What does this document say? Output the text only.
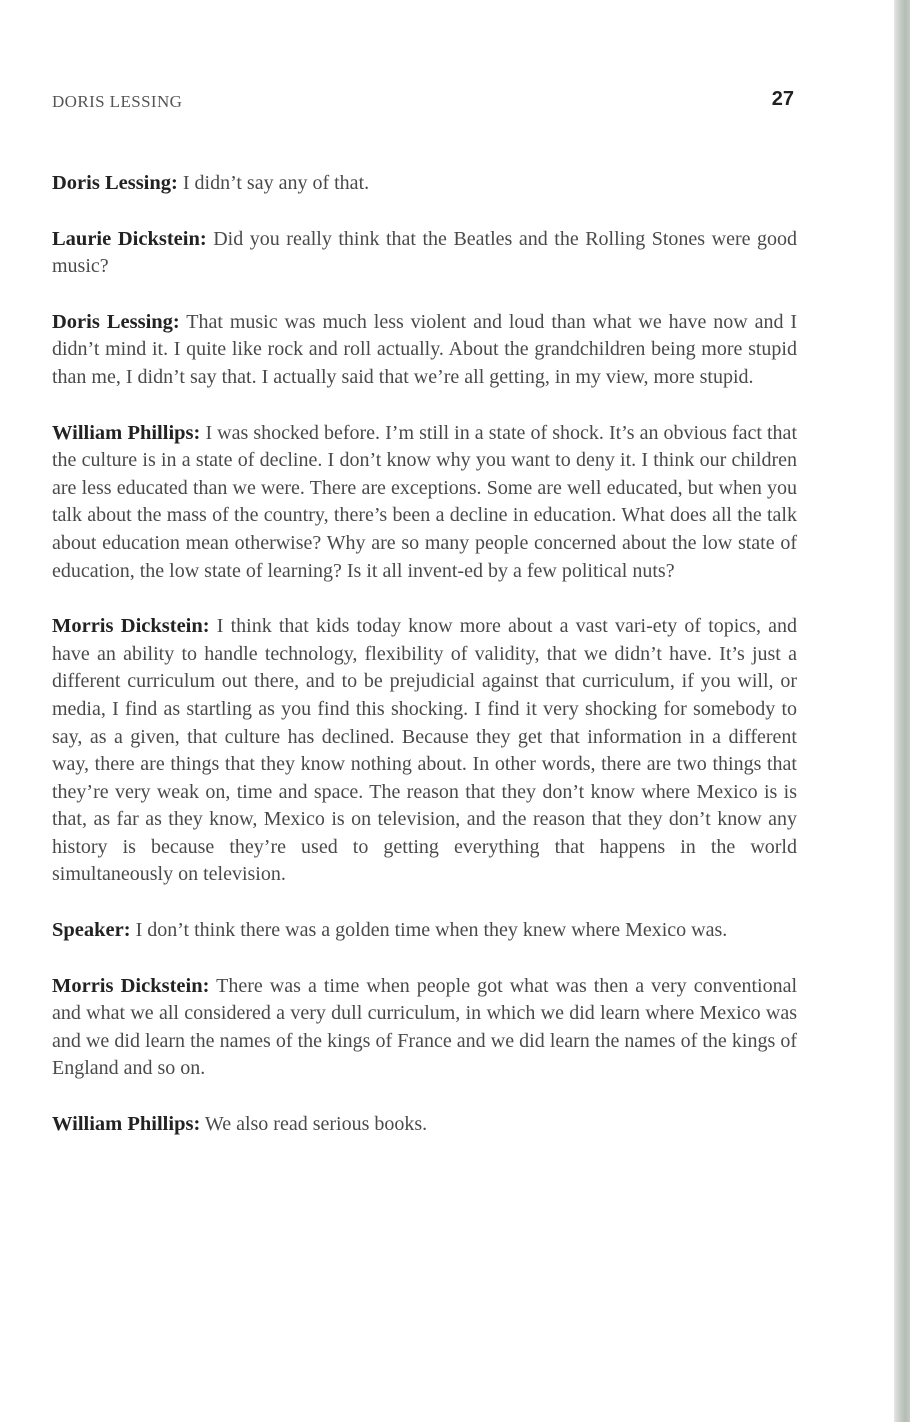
DORIS LESSING	27

Doris Lessing: I didn’t say any of that.

Laurie Dickstein: Did you really think that the Beatles and the Rolling Stones were good music?

Doris Lessing: That music was much less violent and loud than what we have now and I didn’t mind it. I quite like rock and roll actually. About the grandchildren being more stupid than me, I didn’t say that. I actually said that we’re all getting, in my view, more stupid.

William Phillips: I was shocked before. I’m still in a state of shock. It’s an obvious fact that the culture is in a state of decline. I don’t know why you want to deny it. I think our children are less educated than we were. There are exceptions. Some are well educated, but when you talk about the mass of the country, there’s been a decline in education. What does all the talk about education mean otherwise? Why are so many people concerned about the low state of education, the low state of learning? Is it all invent-ed by a few political nuts?

Morris Dickstein: I think that kids today know more about a vast vari-ety of topics, and have an ability to handle technology, flexibility of validity, that we didn’t have. It’s just a different curriculum out there, and to be prejudicial against that curriculum, if you will, or media, I find as startling as you find this shocking. I find it very shocking for somebody to say, as a given, that culture has declined. Because they get that information in a different way, there are things that they know nothing about. In other words, there are two things that they’re very weak on, time and space. The reason that they don’t know where Mexico is is that, as far as they know, Mexico is on television, and the reason that they don’t know any history is because they’re used to getting everything that happens in the world simultaneously on television.

Speaker: I don’t think there was a golden time when they knew where Mexico was.

Morris Dickstein: There was a time when people got what was then a very conventional and what we all considered a very dull curriculum, in which we did learn where Mexico was and we did learn the names of the kings of France and we did learn the names of the kings of England and so on.

William Phillips: We also read serious books.
